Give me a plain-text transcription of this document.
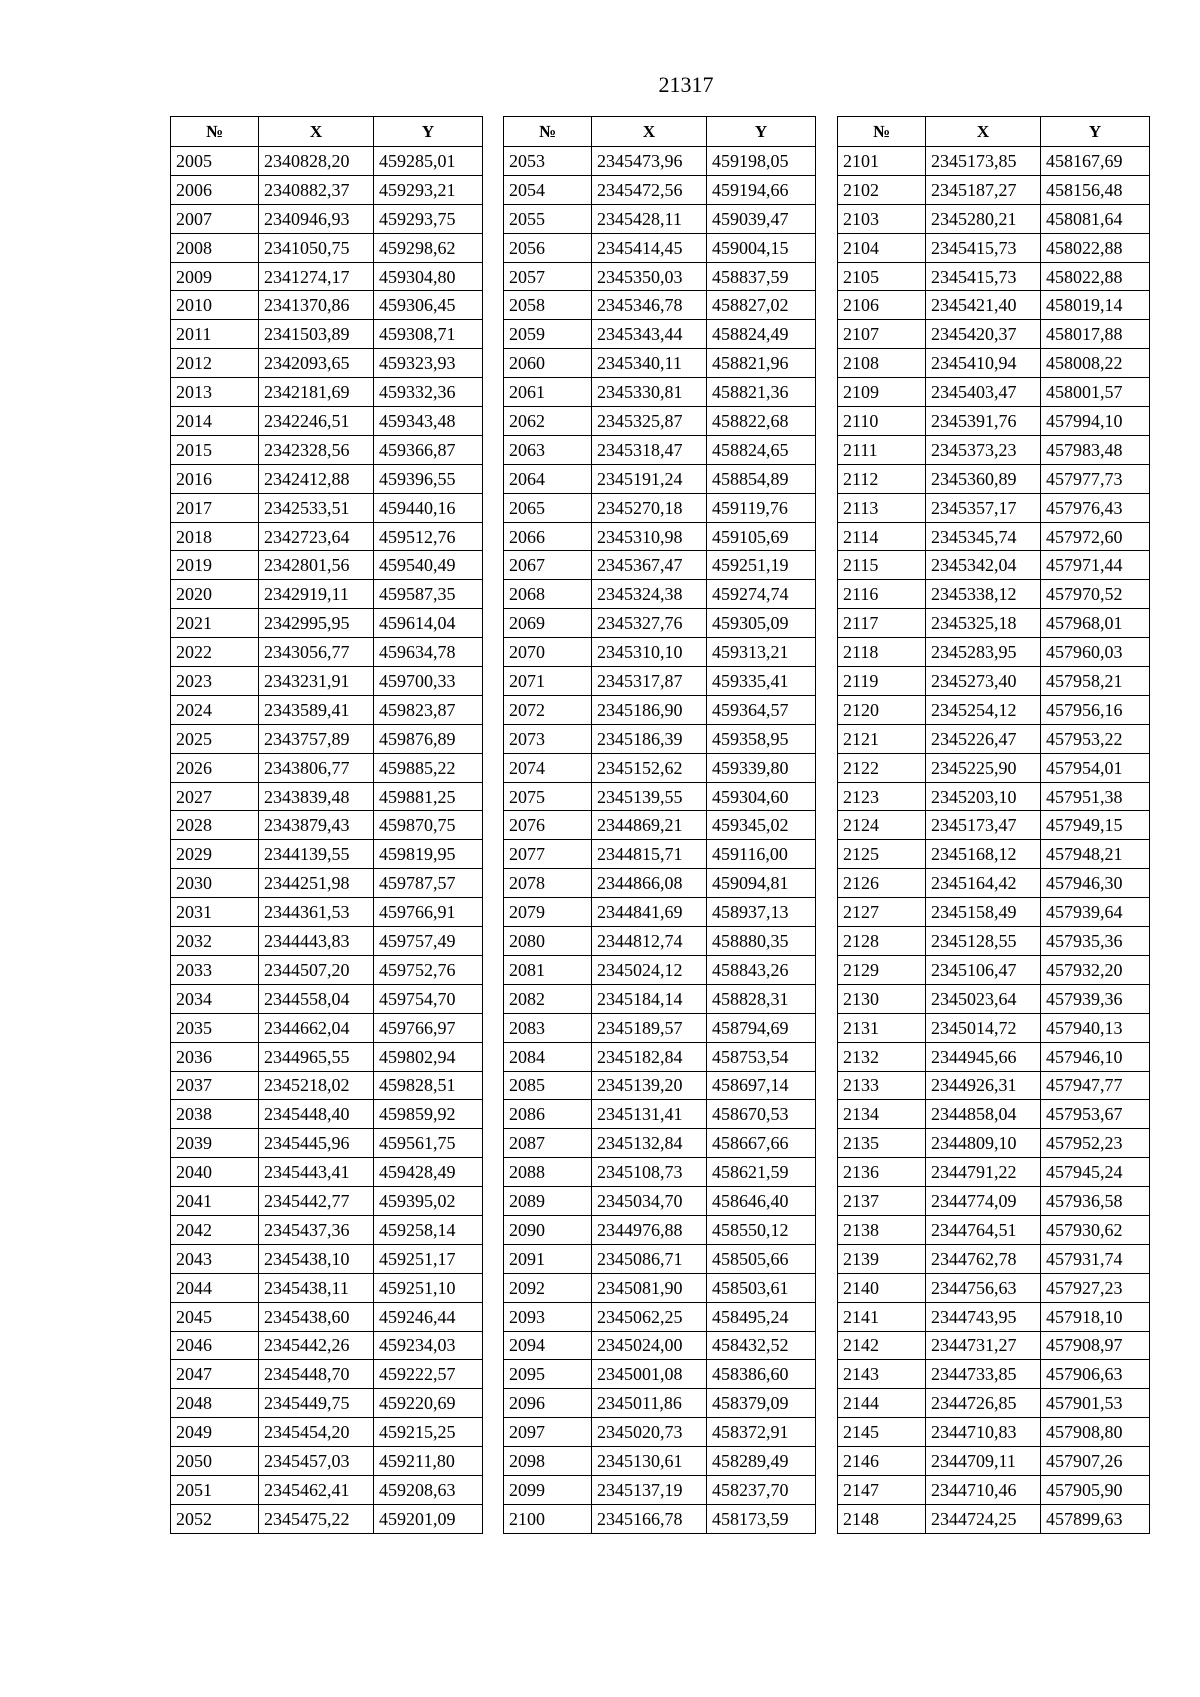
21317
№	X	Y
2005	2340828,20	459285,01
2006	2340882,37	459293,21
2007	2340946,93	459293,75
2008	2341050,75	459298,62
2009	2341274,17	459304,80
2010	2341370,86	459306,45
2011	2341503,89	459308,71
2012	2342093,65	459323,93
2013	2342181,69	459332,36
2014	2342246,51	459343,48
2015	2342328,56	459366,87
2016	2342412,88	459396,55
2017	2342533,51	459440,16
2018	2342723,64	459512,76
2019	2342801,56	459540,49
2020	2342919,11	459587,35
2021	2342995,95	459614,04
2022	2343056,77	459634,78
2023	2343231,91	459700,33
2024	2343589,41	459823,87
2025	2343757,89	459876,89
2026	2343806,77	459885,22
2027	2343839,48	459881,25
2028	2343879,43	459870,75
2029	2344139,55	459819,95
2030	2344251,98	459787,57
2031	2344361,53	459766,91
2032	2344443,83	459757,49
2033	2344507,20	459752,76
2034	2344558,04	459754,70
2035	2344662,04	459766,97
2036	2344965,55	459802,94
2037	2345218,02	459828,51
2038	2345448,40	459859,92
2039	2345445,96	459561,75
2040	2345443,41	459428,49
2041	2345442,77	459395,02
2042	2345437,36	459258,14
2043	2345438,10	459251,17
2044	2345438,11	459251,10
2045	2345438,60	459246,44
2046	2345442,26	459234,03
2047	2345448,70	459222,57
2048	2345449,75	459220,69
2049	2345454,20	459215,25
2050	2345457,03	459211,80
2051	2345462,41	459208,63
2052	2345475,22	459201,09
№	X	Y
2053	2345473,96	459198,05
2054	2345472,56	459194,66
2055	2345428,11	459039,47
2056	2345414,45	459004,15
2057	2345350,03	458837,59
2058	2345346,78	458827,02
2059	2345343,44	458824,49
2060	2345340,11	458821,96
2061	2345330,81	458821,36
2062	2345325,87	458822,68
2063	2345318,47	458824,65
2064	2345191,24	458854,89
2065	2345270,18	459119,76
2066	2345310,98	459105,69
2067	2345367,47	459251,19
2068	2345324,38	459274,74
2069	2345327,76	459305,09
2070	2345310,10	459313,21
2071	2345317,87	459335,41
2072	2345186,90	459364,57
2073	2345186,39	459358,95
2074	2345152,62	459339,80
2075	2345139,55	459304,60
2076	2344869,21	459345,02
2077	2344815,71	459116,00
2078	2344866,08	459094,81
2079	2344841,69	458937,13
2080	2344812,74	458880,35
2081	2345024,12	458843,26
2082	2345184,14	458828,31
2083	2345189,57	458794,69
2084	2345182,84	458753,54
2085	2345139,20	458697,14
2086	2345131,41	458670,53
2087	2345132,84	458667,66
2088	2345108,73	458621,59
2089	2345034,70	458646,40
2090	2344976,88	458550,12
2091	2345086,71	458505,66
2092	2345081,90	458503,61
2093	2345062,25	458495,24
2094	2345024,00	458432,52
2095	2345001,08	458386,60
2096	2345011,86	458379,09
2097	2345020,73	458372,91
2098	2345130,61	458289,49
2099	2345137,19	458237,70
2100	2345166,78	458173,59
№	X	Y
2101	2345173,85	458167,69
2102	2345187,27	458156,48
2103	2345280,21	458081,64
2104	2345415,73	458022,88
2105	2345415,73	458022,88
2106	2345421,40	458019,14
2107	2345420,37	458017,88
2108	2345410,94	458008,22
2109	2345403,47	458001,57
2110	2345391,76	457994,10
2111	2345373,23	457983,48
2112	2345360,89	457977,73
2113	2345357,17	457976,43
2114	2345345,74	457972,60
2115	2345342,04	457971,44
2116	2345338,12	457970,52
2117	2345325,18	457968,01
2118	2345283,95	457960,03
2119	2345273,40	457958,21
2120	2345254,12	457956,16
2121	2345226,47	457953,22
2122	2345225,90	457954,01
2123	2345203,10	457951,38
2124	2345173,47	457949,15
2125	2345168,12	457948,21
2126	2345164,42	457946,30
2127	2345158,49	457939,64
2128	2345128,55	457935,36
2129	2345106,47	457932,20
2130	2345023,64	457939,36
2131	2345014,72	457940,13
2132	2344945,66	457946,10
2133	2344926,31	457947,77
2134	2344858,04	457953,67
2135	2344809,10	457952,23
2136	2344791,22	457945,24
2137	2344774,09	457936,58
2138	2344764,51	457930,62
2139	2344762,78	457931,74
2140	2344756,63	457927,23
2141	2344743,95	457918,10
2142	2344731,27	457908,97
2143	2344733,85	457906,63
2144	2344726,85	457901,53
2145	2344710,83	457908,80
2146	2344709,11	457907,26
2147	2344710,46	457905,90
2148	2344724,25	457899,63
